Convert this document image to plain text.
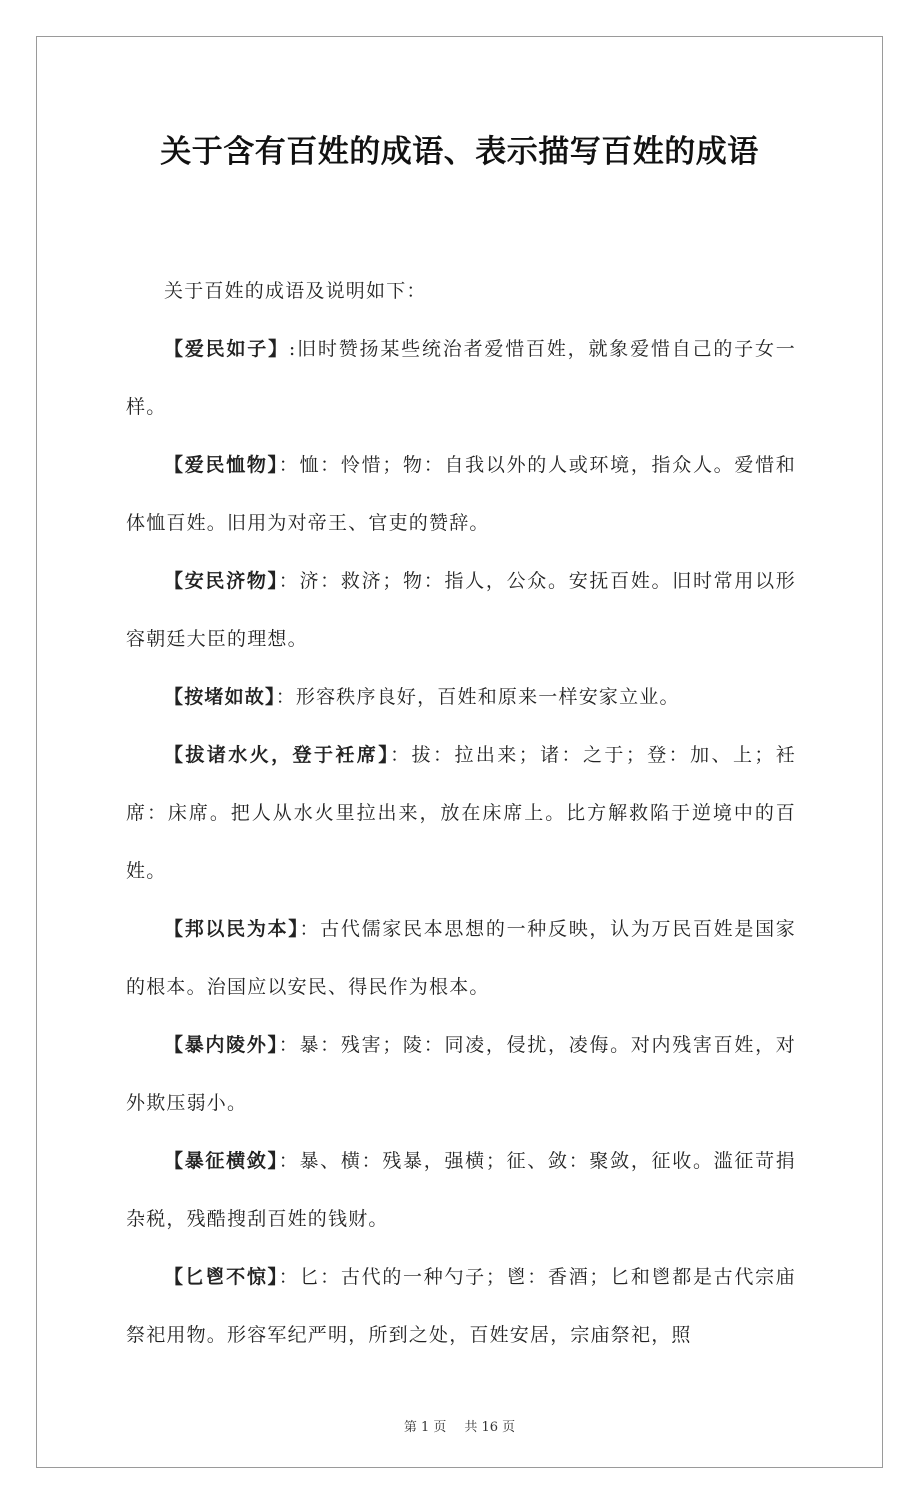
关于含有百姓的成语、表示描写百姓的成语

关于百姓的成语及说明如下：

【爱民如子】:旧时赞扬某些统治者爱惜百姓，就象爱惜自己的子女一样。

【爱民恤物】：恤：怜惜；物：自我以外的人或环境，指众人。爱惜和体恤百姓。旧用为对帝王、官吏的赞辞。

【安民济物】：济：救济；物：指人，公众。安抚百姓。旧时常用以形容朝廷大臣的理想。

【按堵如故】：形容秩序良好，百姓和原来一样安家立业。

【拔诸水火，登于衽席】：拔：拉出来；诸：之于；登：加、上；衽席：床席。把人从水火里拉出来，放在床席上。比方解救陷于逆境中的百姓。

【邦以民为本】：古代儒家民本思想的一种反映，认为万民百姓是国家的根本。治国应以安民、得民作为根本。

【暴内陵外】：暴：残害；陵：同凌，侵扰，凌侮。对内残害百姓，对外欺压弱小。

【暴征横敛】：暴、横：残暴，强横；征、敛：聚敛，征收。滥征苛捐杂税，残酷搜刮百姓的钱财。

【匕鬯不惊】：匕：古代的一种勺子；鬯：香酒；匕和鬯都是古代宗庙祭祀用物。形容军纪严明，所到之处，百姓安居，宗庙祭祀，照

第 1 页 共 16 页
